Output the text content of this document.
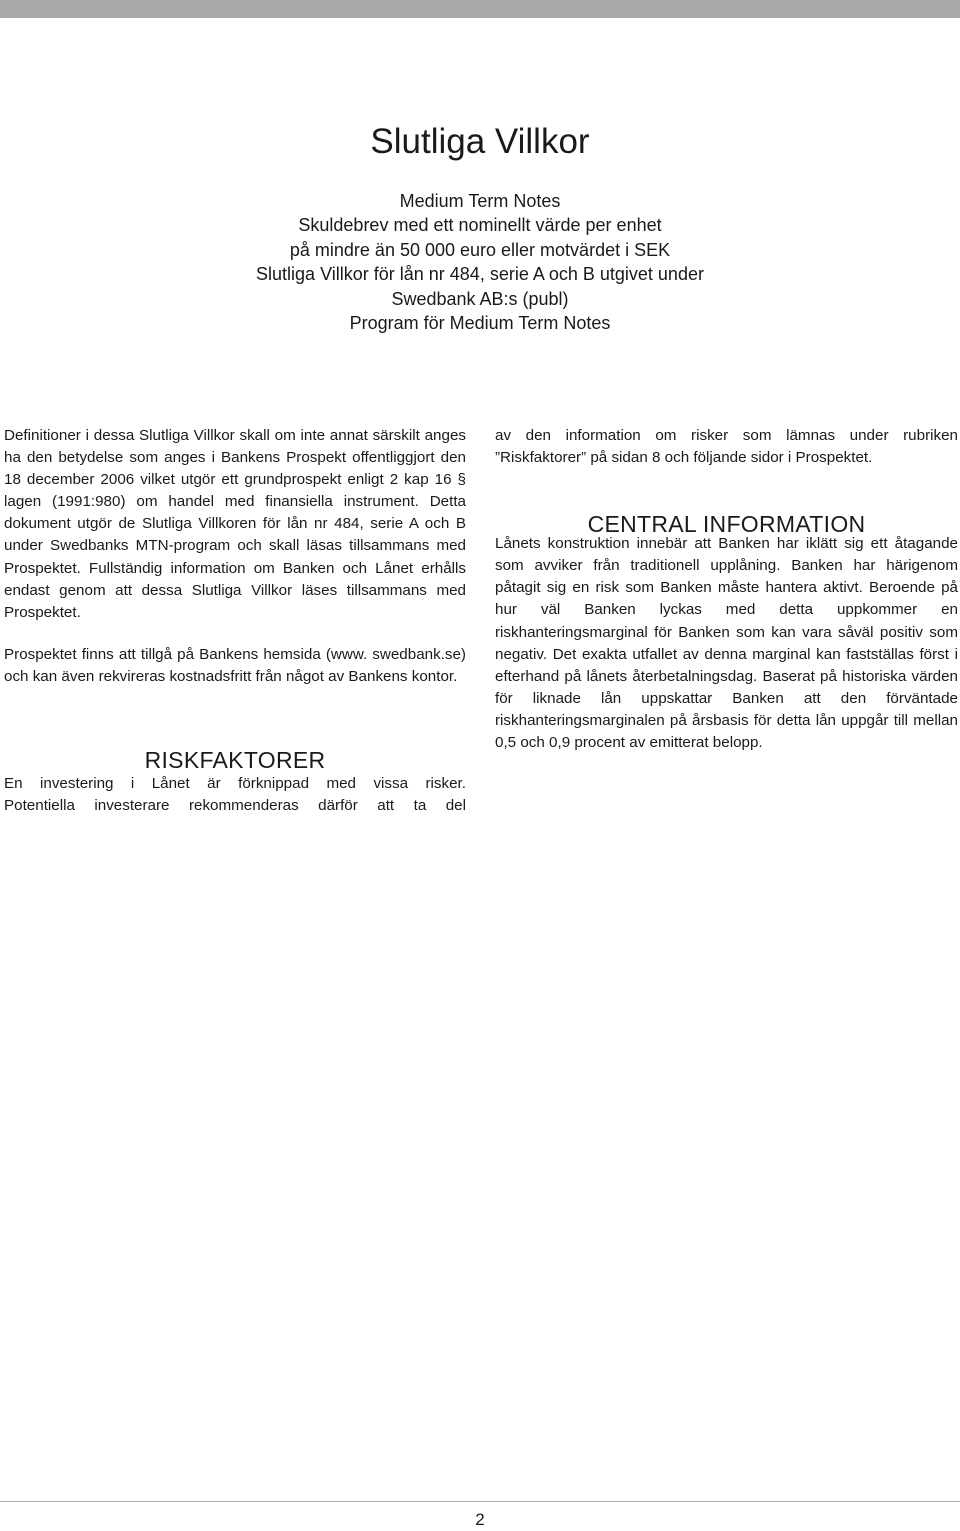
Slutliga Villkor
Medium Term Notes
Skuldebrev med ett nominellt värde per enhet
på mindre än 50 000 euro eller motvärdet i SEK
Slutliga Villkor för lån nr 484, serie A och B utgivet under
Swedbank AB:s (publ)
Program för Medium Term Notes

Definitioner i dessa Slutliga Villkor skall om inte annat särskilt anges ha den betydelse som anges i Bankens Prospekt offentliggjort den 18 december 2006 vilket utgör ett grundprospekt enligt 2 kap 16 § lagen (1991:980) om handel med finansiella instrument. Detta dokument utgör de Slutliga Villkoren för lån nr 484, serie A och B under Swedbanks MTN-program och skall läsas tillsammans med Prospektet. Fullständig information om Banken och Lånet erhålls endast genom att dessa Slutliga Villkor läses tillsammans med Prospektet.

Prospektet finns att tillgå på Bankens hemsida (www. swedbank.se) och kan även rekvireras kostnadsfritt från något av Bankens kontor.

RISKFAKTORER

En investering i Lånet är förknippad med vissa risker.

Potentiella investerare rekommenderas därför att ta del

av den information om risker som lämnas under rubriken ”Riskfaktorer” på sidan 8 och följande sidor i Prospektet.

CENTRAL INFORMATION

Lånets konstruktion innebär att Banken har iklätt sig ett åtagande som avviker från traditionell upplåning. Banken har härigenom påtagit sig en risk som Banken måste hantera aktivt. Beroende på hur väl Banken lyckas med detta uppkommer en riskhanteringsmarginal för Banken som kan vara såväl positiv som negativ. Det exakta utfallet av denna marginal kan fastställas först i efterhand på lånets återbetalningsdag. Baserat på historiska värden för liknade lån uppskattar Banken att den förväntade riskhanteringsmarginalen på årsbasis för detta lån uppgår till mellan 0,5 och 0,9 procent av emitterat belopp.

2
